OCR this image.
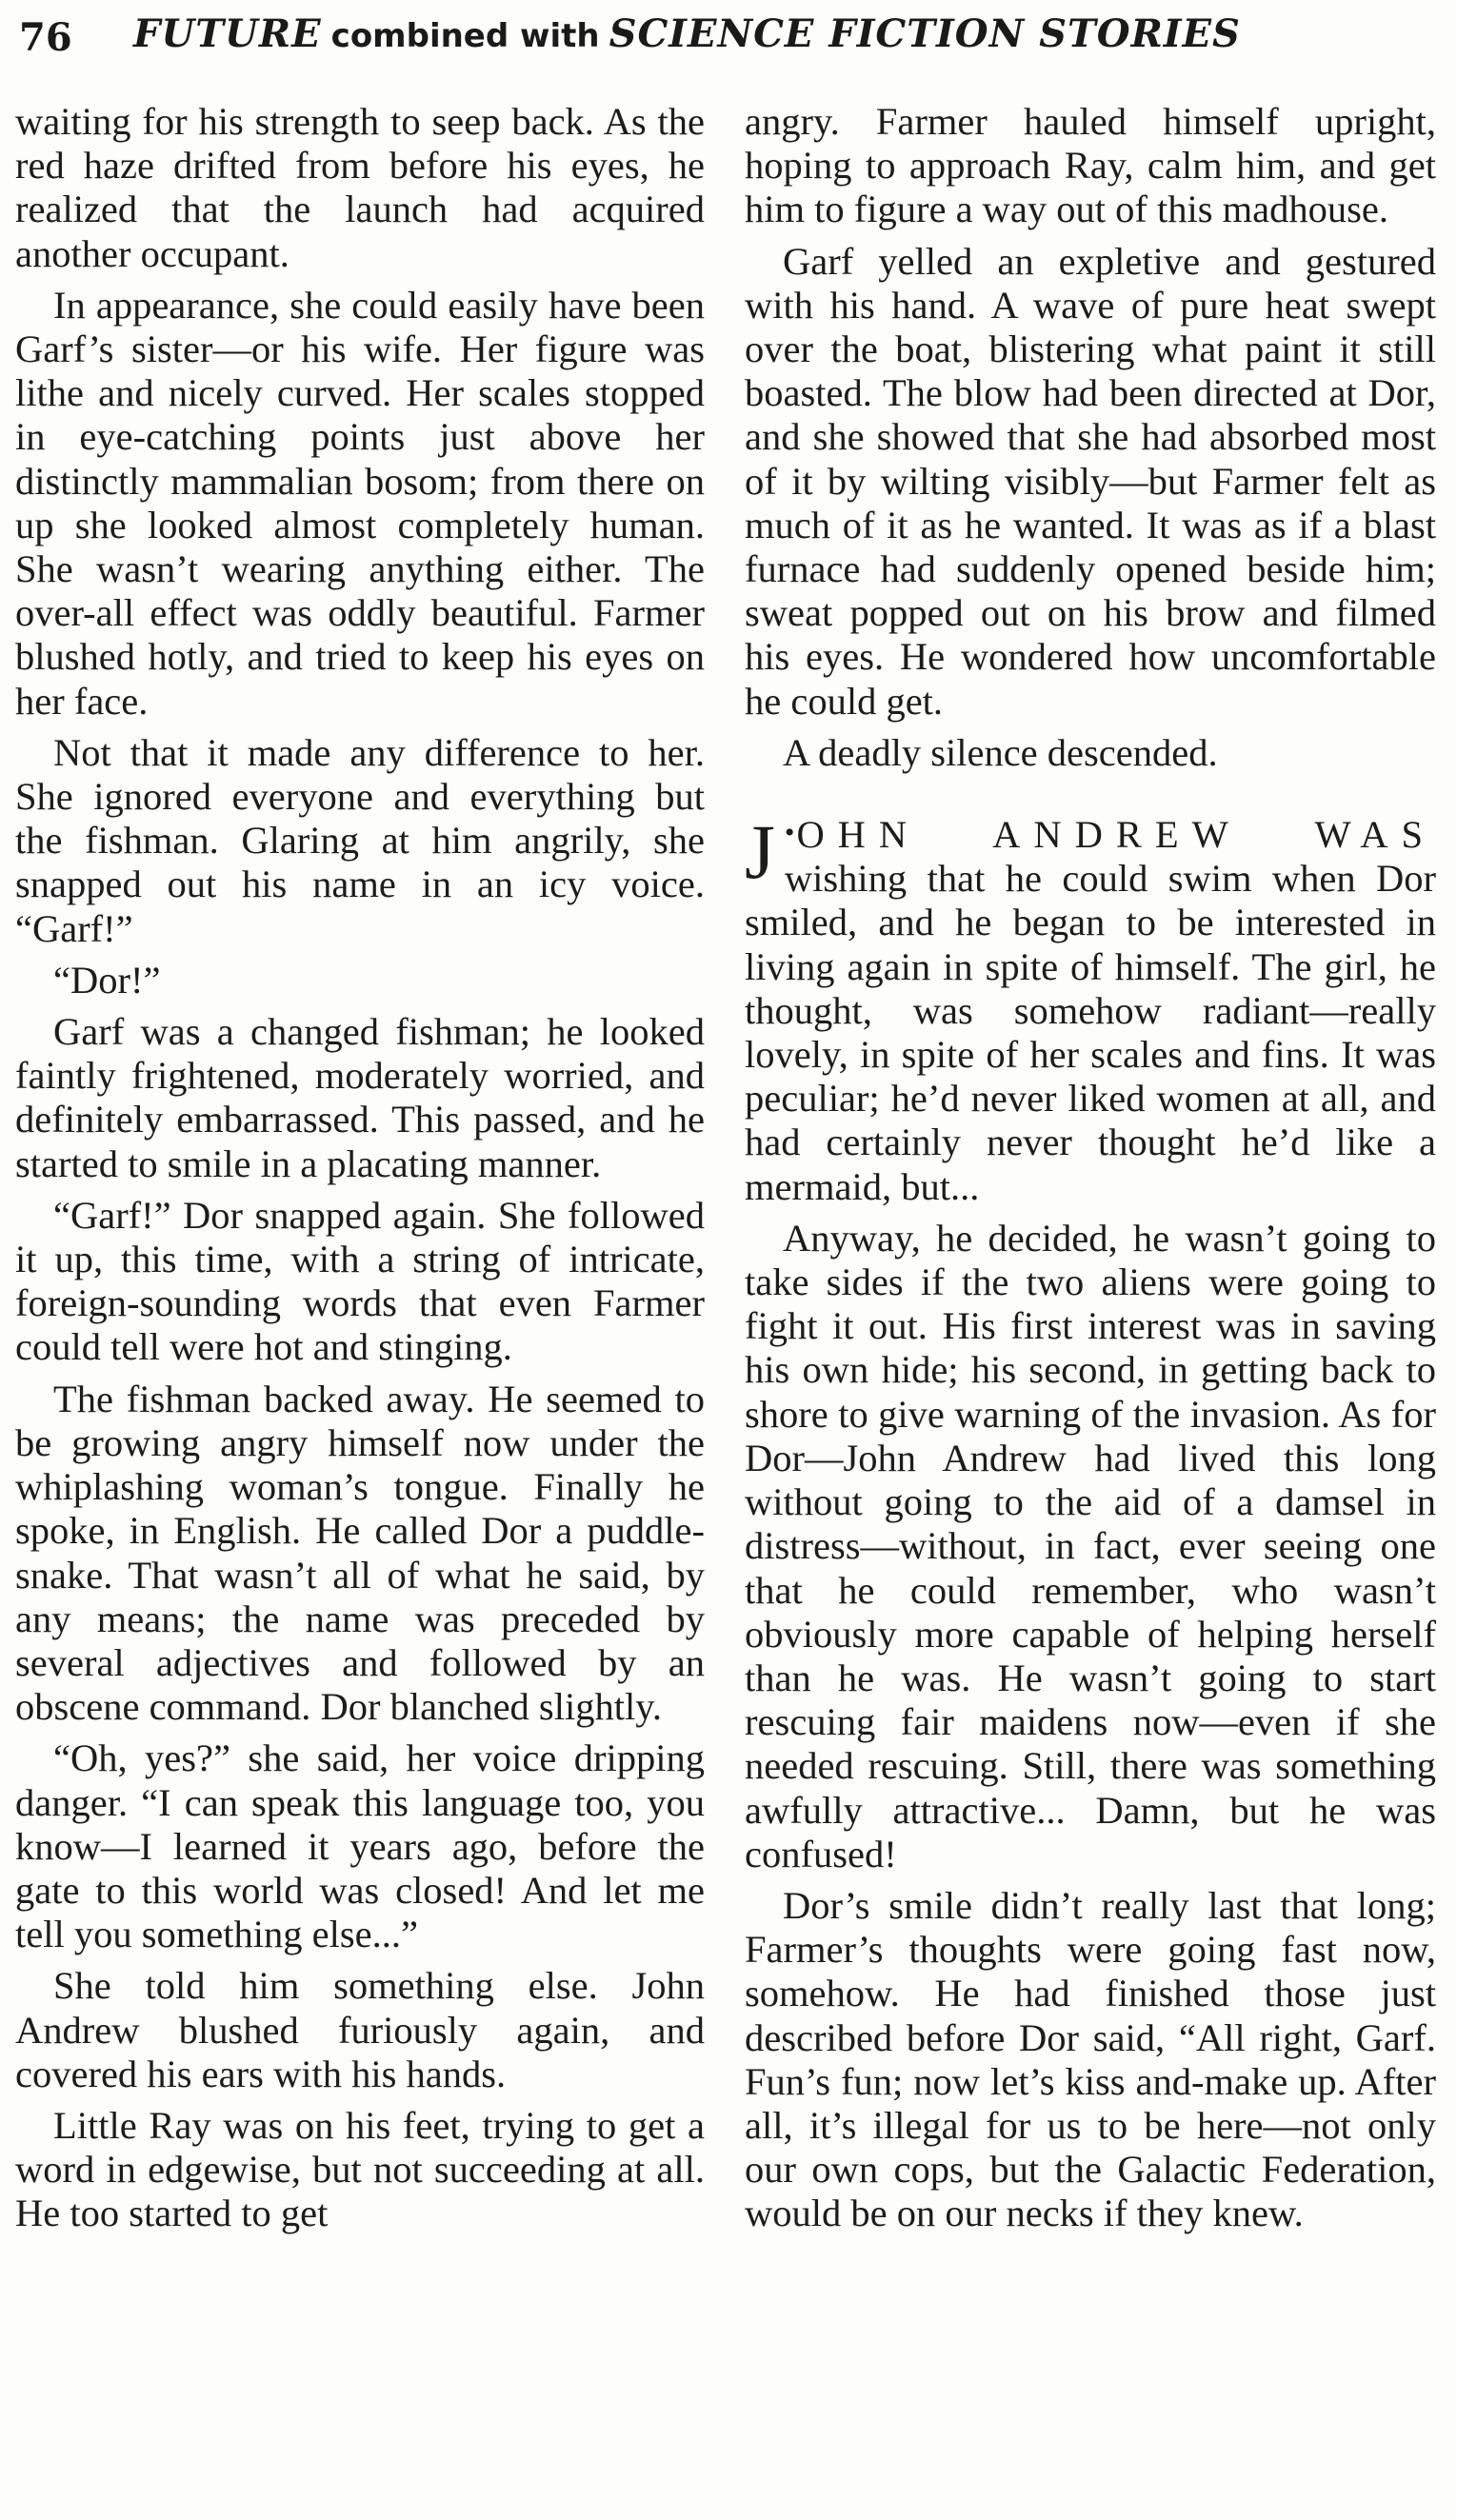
76 FUTURE combined with SCIENCE FICTION STORIES

waiting for his strength to seep back. As the red haze drifted from before his eyes, he realized that the launch had acquired another occupant.

In appearance, she could easily have been Garf’s sister—or his wife. Her figure was lithe and nicely curved. Her scales stopped in eye-catching points just above her distinctly mammalian bosom; from there on up she looked almost completely human. She wasn’t wearing anything either. The over-all effect was oddly beautiful. Farmer blushed hotly, and tried to keep his eyes on her face.

Not that it made any difference to her. She ignored everyone and everything but the fishman. Glaring at him angrily, she snapped out his name in an icy voice. “Garf!”

“Dor!”

Garf was a changed fishman; he looked faintly frightened, moderately worried, and definitely embarrassed. This passed, and he started to smile in a placating manner.

“Garf!” Dor snapped again. She followed it up, this time, with a string of intricate, foreign-sounding words that even Farmer could tell were hot and stinging.

The fishman backed away. He seemed to be growing angry himself now under the whiplashing woman’s tongue. Finally he spoke, in English. He called Dor a puddle-snake. That wasn’t all of what he said, by any means; the name was preceded by several adjectives and followed by an obscene command. Dor blanched slightly.

“Oh, yes?” she said, her voice dripping danger. “I can speak this language too, you know—I learned it years ago, before the gate to this world was closed! And let me tell you something else...”

She told him something else. John Andrew blushed furiously again, and covered his ears with his hands.

Little Ray was on his feet, trying to get a word in edgewise, but not succeeding at all. He too started to get

angry. Farmer hauled himself upright, hoping to approach Ray, calm him, and get him to figure a way out of this madhouse.

Garf yelled an expletive and gestured with his hand. A wave of pure heat swept over the boat, blistering what paint it still boasted. The blow had been directed at Dor, and she showed that she had absorbed most of it by wilting visibly—but Farmer felt as much of it as he wanted. It was as if a blast furnace had suddenly opened beside him; sweat popped out on his brow and filmed his eyes. He wondered how uncomfortable he could get.

A deadly silence descended.

•
J OHN ANDREW WAS wishing that he could swim when Dor smiled, and he began to be interested in living again in spite of himself. The girl, he thought, was somehow radiant—really lovely, in spite of her scales and fins. It was peculiar; he’d never liked women at all, and had certainly never thought he’d like a mermaid, but...

Anyway, he decided, he wasn’t going to take sides if the two aliens were going to fight it out. His first interest was in saving his own hide; his second, in getting back to shore to give warning of the invasion. As for Dor—John Andrew had lived this long without going to the aid of a damsel in distress—without, in fact, ever seeing one that he could remember, who wasn’t obviously more capable of helping herself than he was. He wasn’t going to start rescuing fair maidens now—even if she needed rescuing. Still, there was something awfully attractive... Damn, but he was confused!

Dor’s smile didn’t really last that long; Farmer’s thoughts were going fast now, somehow. He had finished those just described before Dor said, “All right, Garf. Fun’s fun; now let’s kiss and-make up. After all, it’s illegal for us to be here—not only our own cops, but the Galactic Federation, would be on our necks if they knew.
